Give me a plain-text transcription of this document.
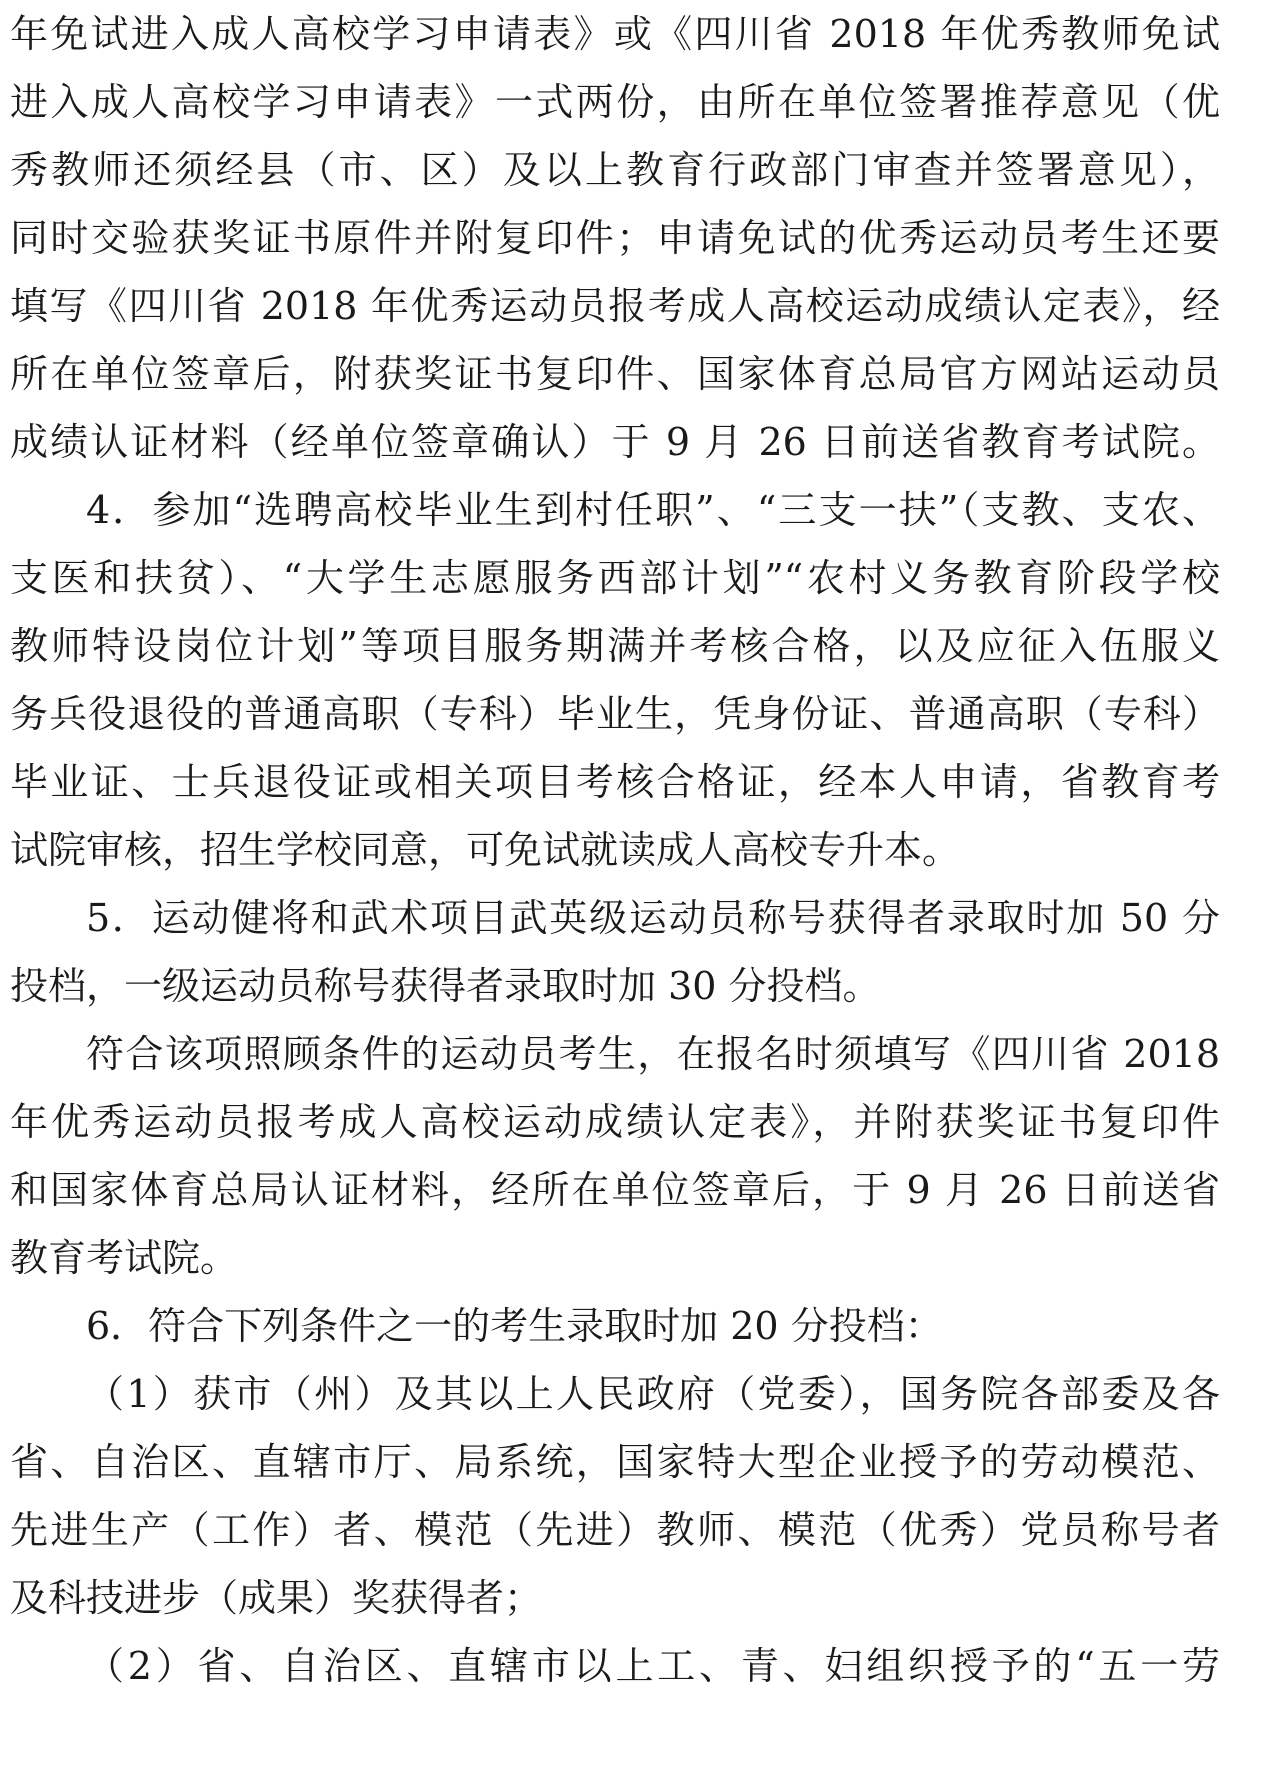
年免试进入成人高校学习申请表》或《四川省 2018 年优秀教师免试
进入成人高校学习申请表》一式两份，由所在单位签署推荐意见（优
秀教师还须经县（市、区）及以上教育行政部门审查并签署意见），
同时交验获奖证书原件并附复印件；申请免试的优秀运动员考生还要
填写《四川省 2018 年优秀运动员报考成人高校运动成绩认定表》，经
所在单位签章后，附获奖证书复印件、国家体育总局官方网站运动员
成绩认证材料（经单位签章确认）于 9 月 26 日前送省教育考试院。
4．参加“选聘高校毕业生到村任职”、“三支一扶”（支教、支农、
支医和扶贫）、“大学生志愿服务西部计划”“农村义务教育阶段学校
教师特设岗位计划”等项目服务期满并考核合格，以及应征入伍服义
务兵役退役的普通高职（专科）毕业生，凭身份证、普通高职（专科）
毕业证、士兵退役证或相关项目考核合格证，经本人申请，省教育考
试院审核，招生学校同意，可免试就读成人高校专升本。
5．运动健将和武术项目武英级运动员称号获得者录取时加 50 分
投档，一级运动员称号获得者录取时加 30 分投档。
符合该项照顾条件的运动员考生，在报名时须填写《四川省 2018
年优秀运动员报考成人高校运动成绩认定表》，并附获奖证书复印件
和国家体育总局认证材料，经所在单位签章后，于 9 月 26 日前送省
教育考试院。
6．符合下列条件之一的考生录取时加 20 分投档：
（1）获市（州）及其以上人民政府（党委），国务院各部委及各
省、自治区、直辖市厅、局系统，国家特大型企业授予的劳动模范、
先进生产（工作）者、模范（先进）教师、模范（优秀）党员称号者
及科技进步（成果）奖获得者；
（2）省、自治区、直辖市以上工、青、妇组织授予的“五一劳
